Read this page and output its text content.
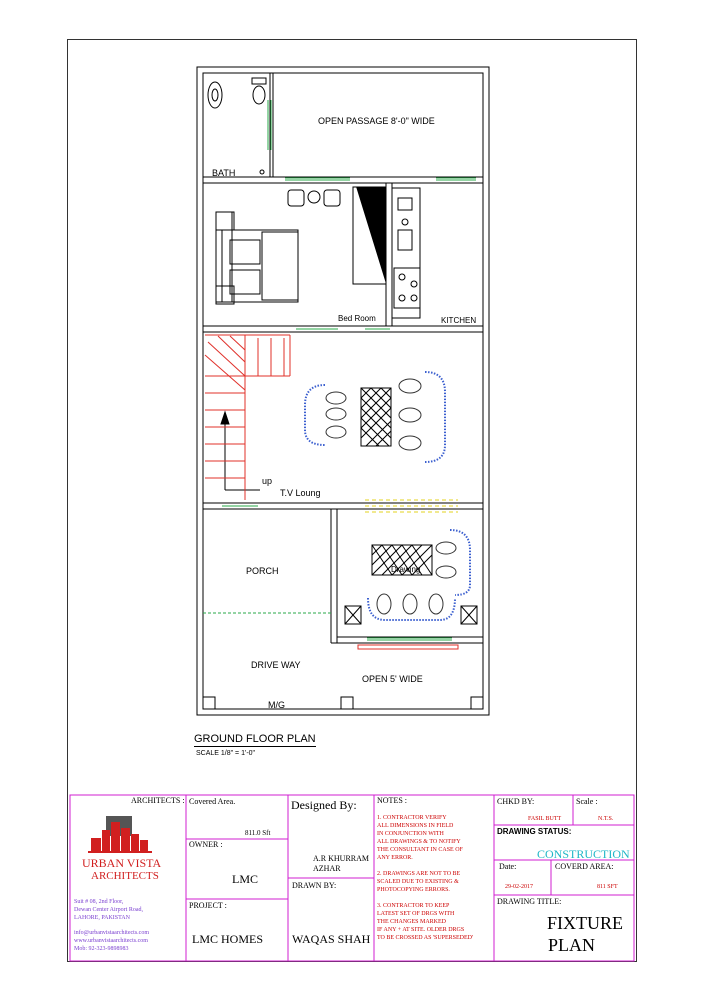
OPEN PASSAGE 8'-0" WIDE
BATH
Bed Room	KITCHEN
up
T.V Loung
PORCH	Drawing
DRIVE WAY
OPEN 5' WIDE
M/G
GROUND FLOOR PLAN
SCALE 1/8" = 1'-0"
ARCHITECTS :
URBAN VISTA
ARCHITECTS
Suit # 08, 2nd Floor,
Dewan Center Airport Road,
LAHORE, PAKISTAN
info@urbanvistaarchitects.com
www.urbanvistaarchitects.com
Mob: 92-323-9898983
Covered Area.
811.0 Sft
OWNER :
LMC
PROJECT :
LMC HOMES
Designed By:
A.R KHURRAM
AZHAR
DRAWN BY:
WAQAS SHAH
NOTES :
1. CONTRACTOR VERIFY
ALL DIMENSIONS IN FIELD
IN CONJUNCTION WITH
ALL DRAWINGS & TO NOTIFY
THE CONSULTANT IN CASE OF
ANY ERROR.
2. DRAWINGS ARE NOT TO BE
SCALED DUE TO EXISTING &
PHOTOCOPYING ERRORS.
3. CONTRACTOR TO KEEP
LATEST SET OF DRGS WITH
THE CHANGES MARKED
IF ANY + AT SITE. OLDER DRGS
TO BE CROSSED AS 'SUPERSEDED'
CHKD BY:
FASIL BUTT
Scale :
N.T.S.
DRAWING STATUS:
CONSTRUCTION
Date:
29-02-2017
COVERD AREA:
811 SFT
DRAWING TITLE:
FIXTURE
PLAN
